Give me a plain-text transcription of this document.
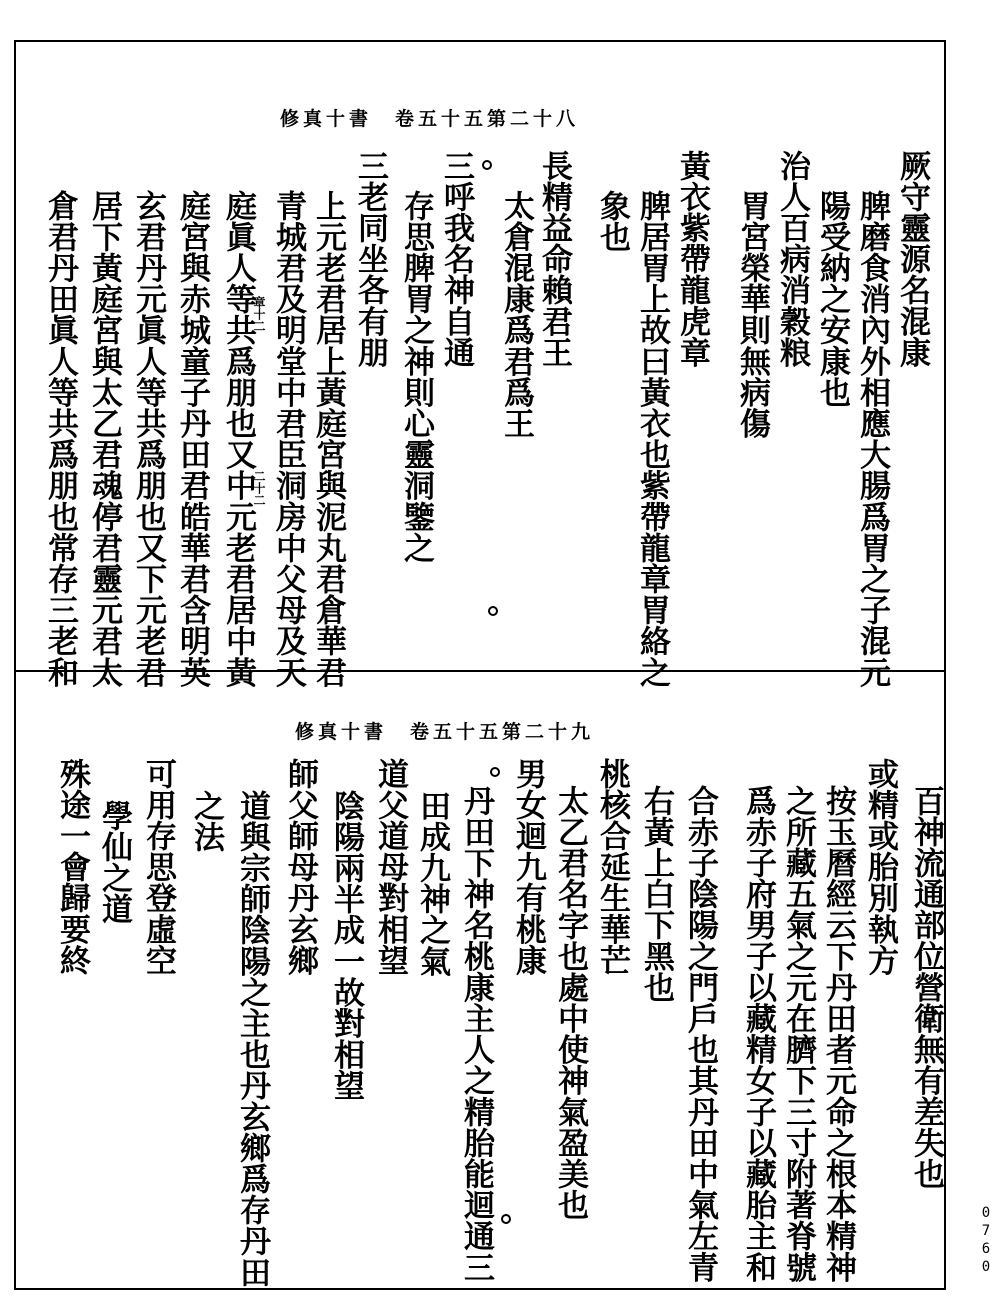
修真十書　卷五十五第二十八
厥守靈源名混康
脾磨食消內外相應大腸爲胃之子混元
陽受納之安康也
治人百病消穀粮
胃宮榮華則無病傷
黃衣紫帶龍虎章
脾居胃上故曰黃衣也紫帶龍章胃絡之
象也
長精益命賴君王
太倉混康爲君爲王
三呼我名神自通
存思脾胃之神則心靈洞鑒之
三老同坐各有朋
上元老君居上黃庭宮與泥丸君倉華君
青城君及明堂中君臣洞房中父母及天
庭眞人等共爲朋也又中元老君居中黃
庭宮與赤城童子丹田君皓華君含明英
玄君丹元眞人等共爲朋也又下元老君
居下黃庭宮與太乙君魂停君靈元君太
倉君丹田眞人等共爲朋也常存三老和	章十二
二十二
修真十書　卷五十五第二十九
百神流通部位營衛無有差失也
或精或胎別執方
按玉曆經云下丹田者元命之根本精神
之所藏五氣之元在臍下三寸附著脊號
爲赤子府男子以藏精女子以藏胎主和
合赤子陰陽之門戶也其丹田中氣左青
右黃上白下黑也
桃核合延生華芒
太乙君名字也處中使神氣盈美也
男女迴九有桃康
丹田下神名桃康主人之精胎能迴通三
田成九神之氣
道父道母對相望
陰陽兩半成一故對相望
師父師母丹玄鄉
道與宗師陰陽之主也丹玄鄉爲存丹田
之法
可用存思登虛空
學仙之道
殊途一會歸要終
0760
